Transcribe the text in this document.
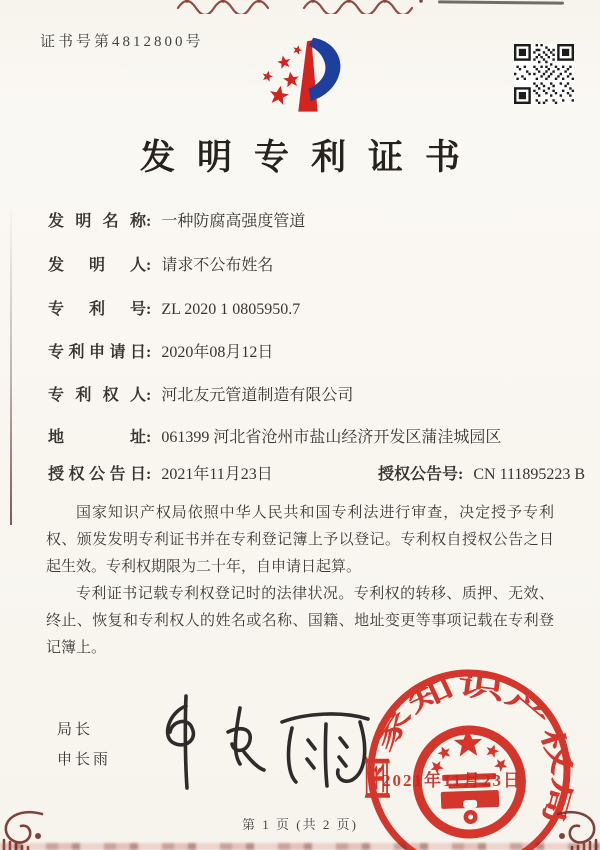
证书号第4812800号
发明专利证书
发明名称: 一种防腐高强度管道
发明人: 请求不公布姓名
专利号: ZL 2020 1 0805950.7
专利申请日: 2020年08月12日
专利权人: 河北友元管道制造有限公司
地址: 061399 河北省沧州市盐山经济开发区蒲洼城园区
授权公告日: 2021年11月23日	授权公告号: CN 111895223 B

国家知识产权局依照中华人民共和国专利法进行审查，决定授予专利权、颁发发明专利证书并在专利登记簿上予以登记。专利权自授权公告之日起生效。专利权期限为二十年，自申请日起算。

专利证书记载专利权登记时的法律状况。专利权的转移、质押、无效、终止、恢复和专利权人的姓名或名称、国籍、地址变更等事项记载在专利登记簿上。

局长
申长雨
国家知识产权局
2021年11月23日
第 1 页 (共 2 页)
